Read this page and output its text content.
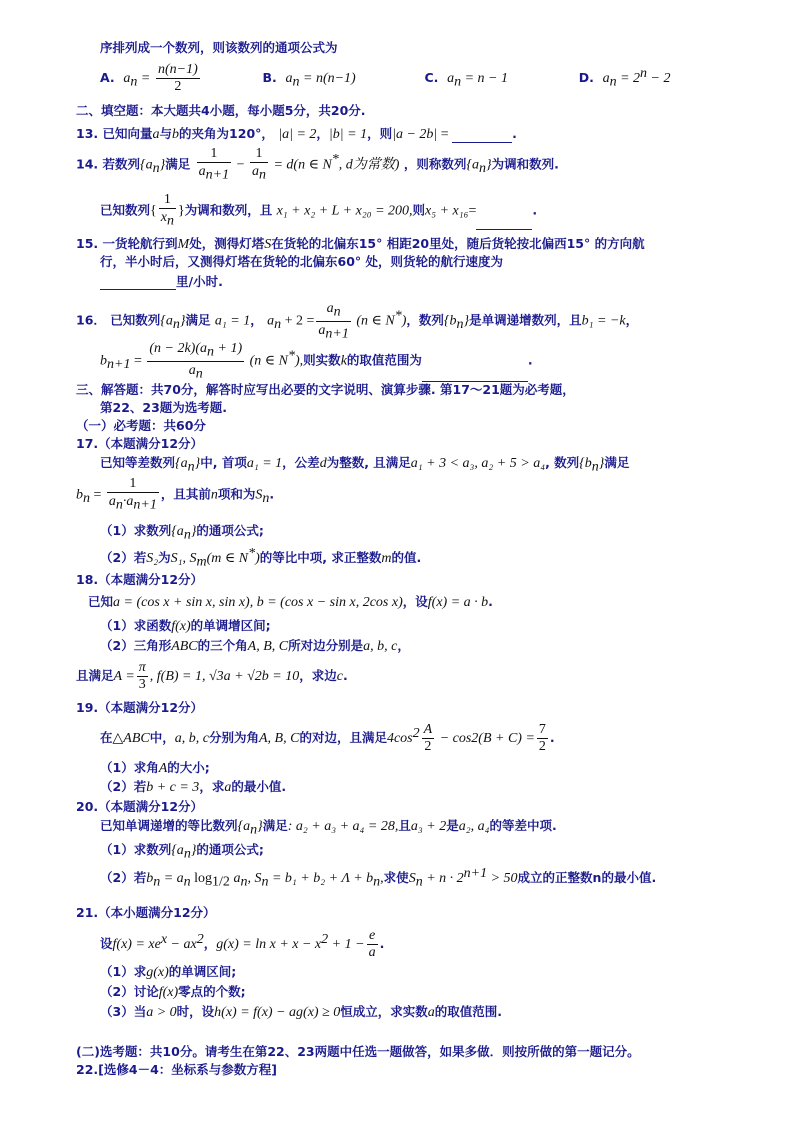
序排列成一个数列，则该数列的通项公式为
A. $a_n = \frac{n(n-1)}{2}$	B. $a_n = n(n-1)$	C. $a_n = n - 1$	D. $a_n = 2^n - 2$
二、填空题：本大题共4小题，每小题5分，共20分.
13. 已知向量a与b的夹角为120°， |a| = 2，|b| = 1，则|a − 2b| =	.
14. 若数列$\{a_n\}$满足 $\frac{1}{a_{n+1}} - \frac{1}{a_n} = d(n$ ∈ N*, d为常数) ，则称数列$\{a_n\}$为调和数列.
已知数列{ $\frac{1}{x_n}$ }为调和数列，且 x₁ + x₂ + L + x₂₀ = 200,则x₅ + x₁₆=	.
15. 一货轮航行到M处，测得灯塔S在货轮的北偏东15° 相距20里处，随后货轮按北偏西15° 的方向航
行，半小时后，又测得灯塔在货轮的北偏东60° 处，则货轮的航行速度为
里/小时.
16． 已知数列$\{a_n\}$满足 a₁ = 1， $a_n + 2 = \frac{a_n}{a_{n+1}} (n$ ∈ N*)，数列$\{b_n\}$是单调递增数列，且b₁ = −k，
$b_{n+1} = \frac{(n - 2k)(a_n + 1)}{a_n} (n$ ∈ N*),则实数k的取值范围为	.
三、解答题：共70分，解答时应写出必要的文字说明、演算步骤. 第17～21题为必考题，
第22、23题为选考题.
（一）必考题：共60分
17.（本题满分12分）
已知等差数列$\{a_n\}$中, 首项a₁ = 1，公差d为整数, 且满足a₁ + 3 < a₃, a₂ + 5 > a₄, 数列$\{b_n\}$满足
$b_n = \frac{1}{a_n\cdot a_{n+1}}$ ，且其前n项和为$S_n$.
（1）求数列$\{a_n\}$的通项公式;
（2）若S₂为S₁, $S_m(m$ ∈ N*)的等比中项, 求正整数m的值.
18.（本题满分12分）
已知a = (cos x + sin x, sin x), b = (cos x − sin x, 2cos x)，设f(x) = a · b.
（1）求函数f(x)的单调增区间;
（2）三角形ABC的三个角A, B, C所对边分别是a, b, c，
且满足$A = \frac{\pi}{3}$ , f(B) = 1, √3a + √2b = 10，求边c.
19.（本题满分12分）
在△ABC中，a, b, c分别为角A, B, C的对边，且满足$4\cos^2 \frac{A}{2} - \cos 2(B + C) = \frac{7}{2}$ .
（1）求角A的大小;
（2）若b + c = 3，求a的最小值.
20.（本题满分12分）
已知单调递增的等比数列$\{a_n\}$满足: a₂ + a₃ + a₄ = 28,且a₃ + 2是a₂, a₄的等差中项.
（1）求数列$\{a_n\}$的通项公式;
（2）若$b_n = a_n$ $\log_{1/2} a_n$, $S_n = b_1 + b_2 + \Lambda + b_n$,求使$S_n + n \cdot 2^{n+1} > 50$成立的正整数n的最小值.
21.（本小题满分12分）
设$f(x) = xe^x - ax^2$，$g(x) = \ln x + x - x^2 + 1 - \frac{e}{a}$ .
（1）求g(x)的单调区间;
（2）讨论f(x)零点的个数;
（3）当a > 0时，设h(x) = f(x) − ag(x) ≥ 0恒成立，求实数a的取值范围.
(二)选考题：共10分。请考生在第22、23两题中任选一题做答，如果多做．则按所做的第一题记分。
22.[选修4－4：坐标系与参数方程]
